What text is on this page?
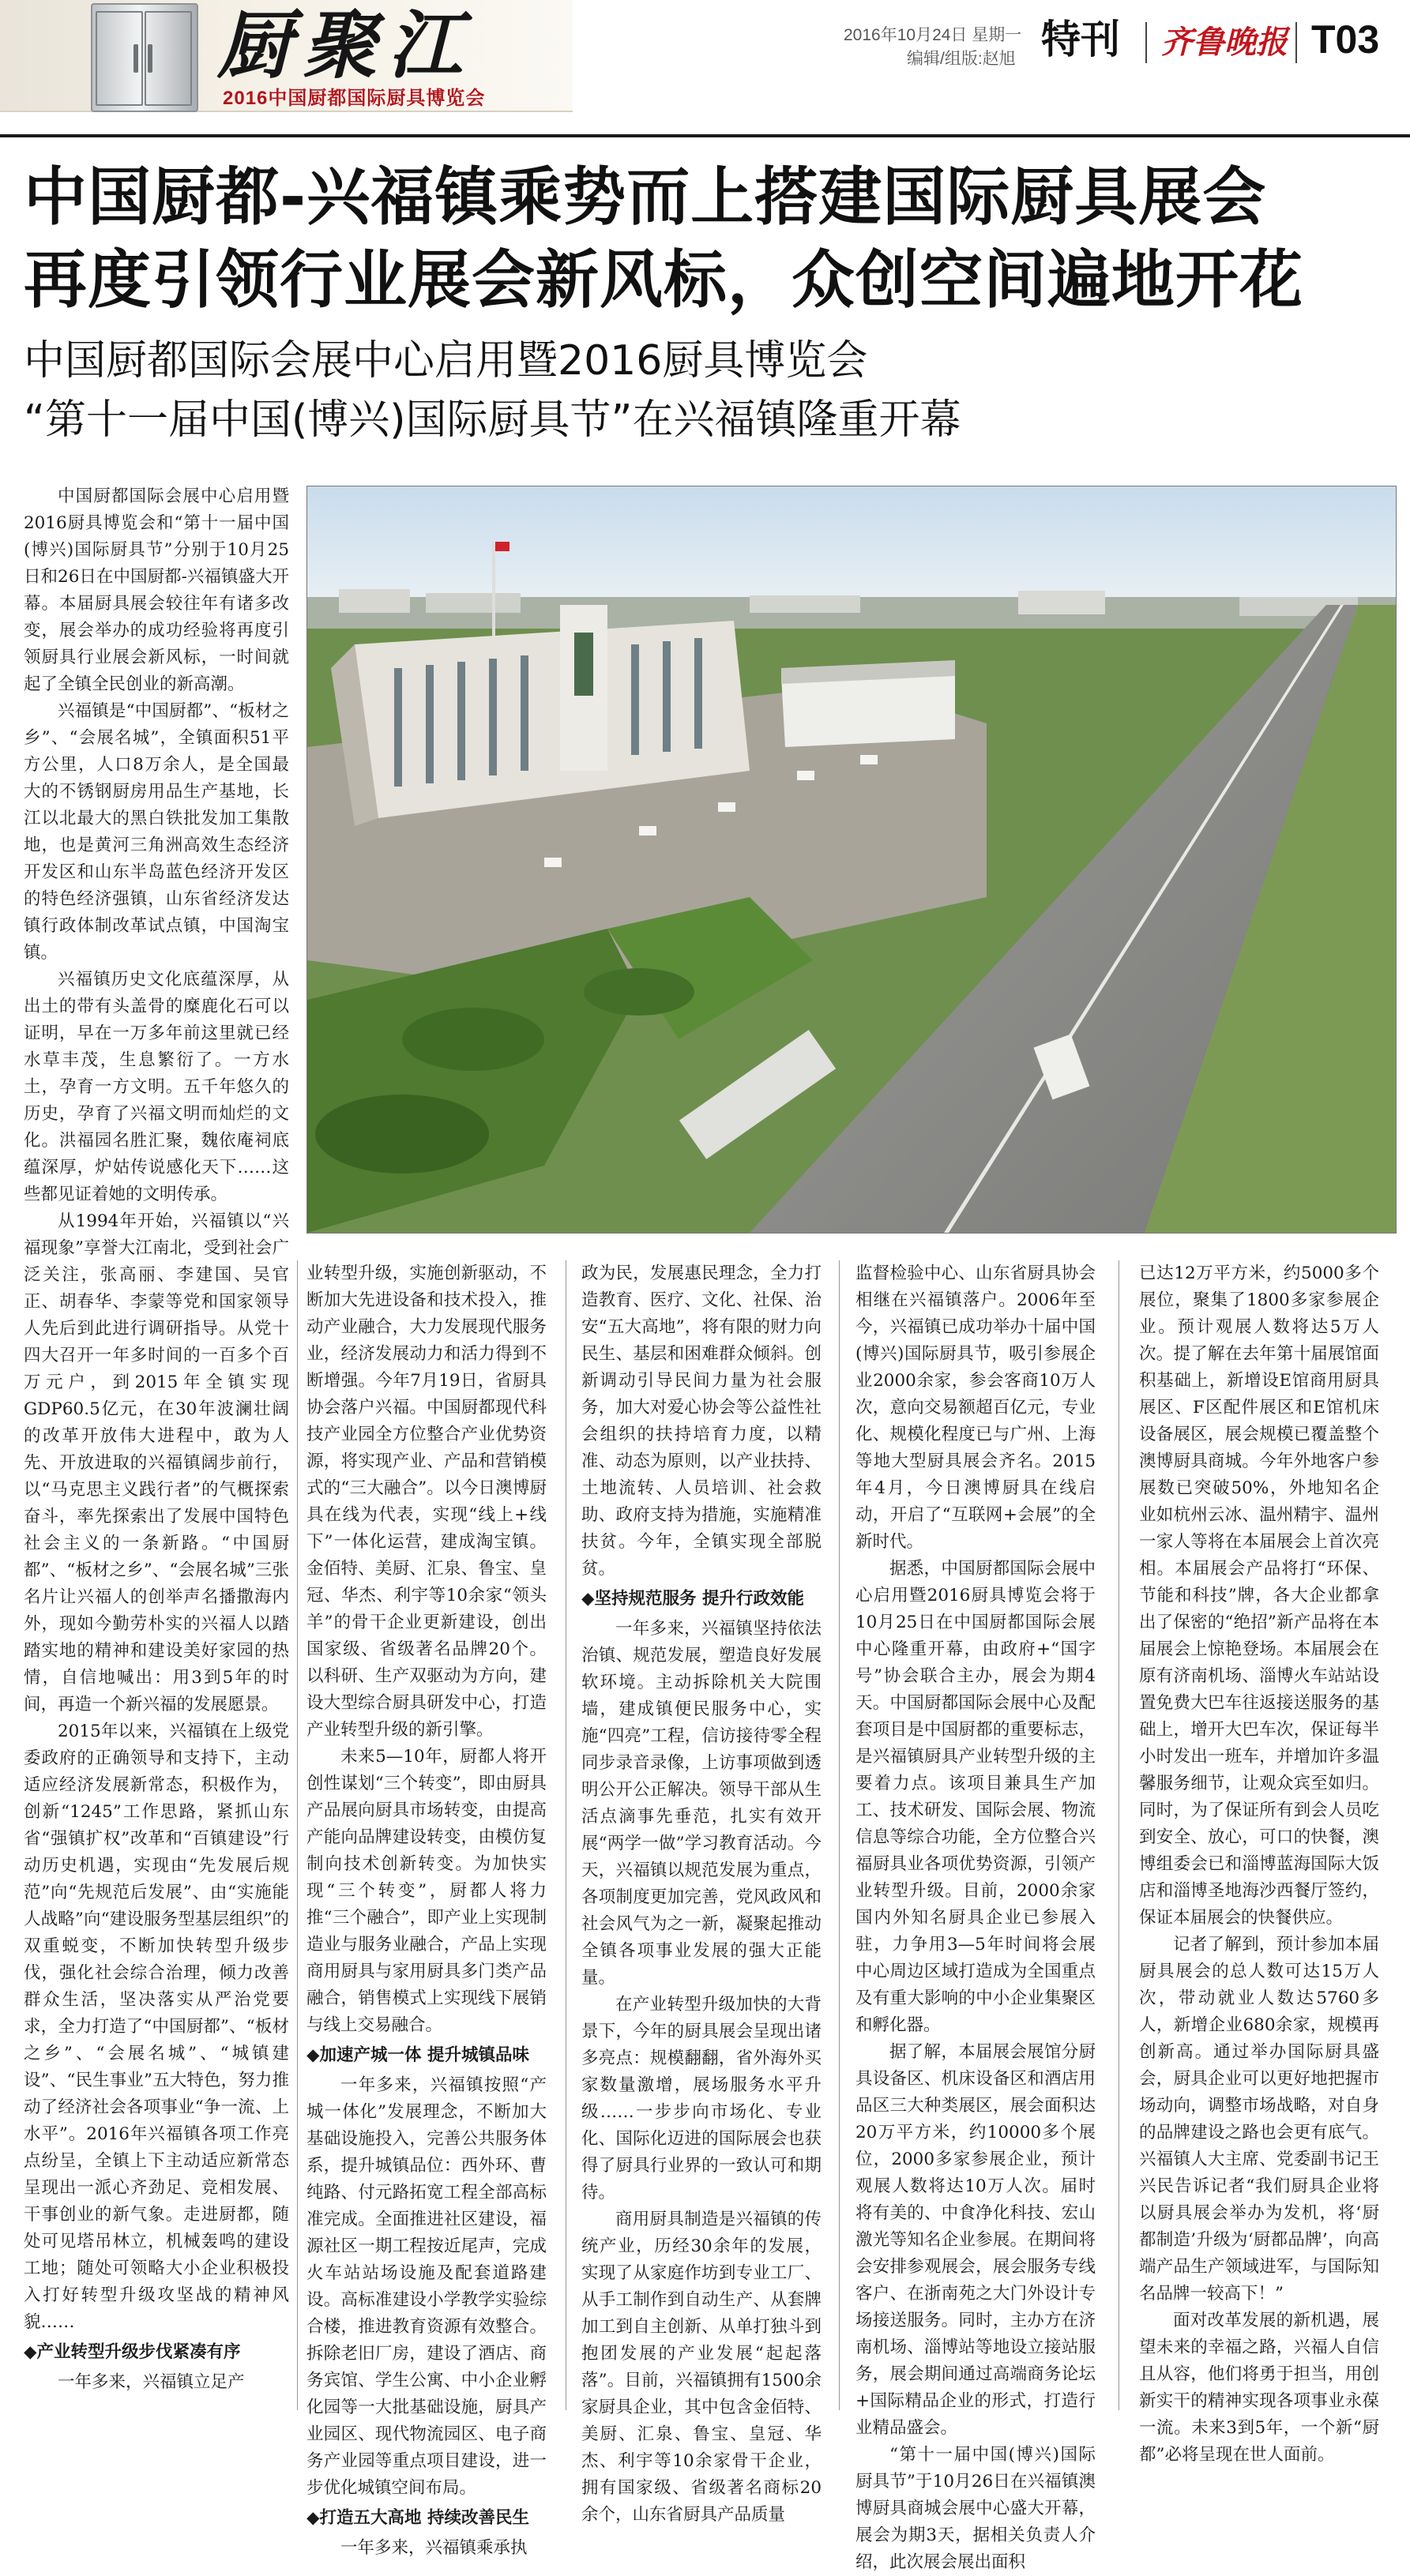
厨聚江
2016中国厨都国际厨具博览会
2016年10月24日 星期一
编辑/组版:赵旭 特刊 齐鲁晚报 T03
中国厨都-兴福镇乘势而上搭建国际厨具展会
再度引领行业展会新风标，众创空间遍地开花
中国厨都国际会展中心启用暨2016厨具博览会
“第十一届中国(博兴)国际厨具节”在兴福镇隆重开幕

中国厨都国际会展中心启用暨2016厨具博览会和“第十一届中国(博兴)国际厨具节”分别于10月25日和26日在中国厨都-兴福镇盛大开幕。本届厨具展会较往年有诸多改变，展会举办的成功经验将再度引领厨具行业展会新风标，一时间就起了全镇全民创业的新高潮。

兴福镇是“中国厨都”、“板材之乡”、“会展名城”，全镇面积51平方公里，人口8万余人，是全国最大的不锈钢厨房用品生产基地，长江以北最大的黑白铁批发加工集散地，也是黄河三角洲高效生态经济开发区和山东半岛蓝色经济开发区的特色经济强镇，山东省经济发达镇行政体制改革试点镇，中国淘宝镇。

兴福镇历史文化底蕴深厚，从出土的带有头盖骨的糜鹿化石可以证明，早在一万多年前这里就已经水草丰茂，生息繁衍了。一方水土，孕育一方文明。五千年悠久的历史，孕育了兴福文明而灿烂的文化。洪福园名胜汇聚，魏依庵祠底蕴深厚，炉姑传说感化天下……这些都见证着她的文明传承。

从1994年开始，兴福镇以“兴福现象”享誉大江南北，受到社会广泛关注，张高丽、李建国、吴官正、胡春华、李蒙等党和国家领导人先后到此进行调研指导。从党十四大召开一年多时间的一百多个百万元户，到2015年全镇实现GDP60.5亿元，在30年波澜壮阔的改革开放伟大进程中，敢为人先、开放进取的兴福镇阔步前行，以“马克思主义践行者”的气概探索奋斗，率先探索出了发展中国特色社会主义的一条新路。“中国厨都”、“板材之乡”、“会展名城”三张名片让兴福人的创举声名播撒海内外，现如今勤劳朴实的兴福人以踏踏实地的精神和建设美好家园的热情，自信地喊出：用3到5年的时间，再造一个新兴福的发展愿景。

2015年以来，兴福镇在上级党委政府的正确领导和支持下，主动适应经济发展新常态，积极作为，创新“1245”工作思路，紧抓山东省“强镇扩权”改革和“百镇建设”行动历史机遇，实现由“先发展后规范”向“先规范后发展”、由“实施能人战略”向“建设服务型基层组织”的双重蜕变，不断加快转型升级步伐，强化社会综合治理，倾力改善群众生活，坚决落实从严治党要求，全力打造了“中国厨都”、“板材之乡”、“会展名城”、“城镇建设”、“民生事业”五大特色，努力推动了经济社会各项事业“争一流、上水平”。2016年兴福镇各项工作亮点纷呈，全镇上下主动适应新常态呈现出一派心齐劲足、竞相发展、干事创业的新气象。走进厨都，随处可见塔吊林立，机械轰鸣的建设工地；随处可领略大小企业积极投入打好转型升级攻坚战的精神风貌……

◆产业转型升级步伐紧凑有序

一年多来，兴福镇立足产

业转型升级，实施创新驱动，不断加大先进设备和技术投入，推动产业融合，大力发展现代服务业，经济发展动力和活力得到不断增强。今年7月19日，省厨具协会落户兴福。中国厨都现代科技产业园全方位整合产业优势资源，将实现产业、产品和营销模式的“三大融合”。以今日澳博厨具在线为代表，实现“线上+线下”一体化运营，建成淘宝镇。金佰特、美厨、汇泉、鲁宝、皇冠、华杰、利宇等10余家“领头羊”的骨干企业更新建设，创出国家级、省级著名品牌20个。以科研、生产双驱动为方向，建设大型综合厨具研发中心，打造产业转型升级的新引擎。

未来5—10年，厨都人将开创性谋划“三个转变”，即由厨具产品展向厨具市场转变，由提高产能向品牌建设转变，由模仿复制向技术创新转变。为加快实现“三个转变”，厨都人将力推“三个融合”，即产业上实现制造业与服务业融合，产品上实现商用厨具与家用厨具多门类产品融合，销售模式上实现线下展销与线上交易融合。

◆加速产城一体 提升城镇品味

一年多来，兴福镇按照“产城一体化”发展理念，不断加大基础设施投入，完善公共服务体系，提升城镇品位：西外环、曹纯路、付元路拓宽工程全部高标准完成。全面推进社区建设，福源社区一期工程按近尾声，完成火车站站场设施及配套道路建设。高标准建设小学教学实验综合楼，推进教育资源有效整合。拆除老旧厂房，建设了酒店、商务宾馆、学生公寓、中小企业孵化园等一大批基础设施，厨具产业园区、现代物流园区、电子商务产业园等重点项目建设，进一步优化城镇空间布局。

◆打造五大高地 持续改善民生

一年多来，兴福镇乘承执

政为民，发展惠民理念，全力打造教育、医疗、文化、社保、治安“五大高地”，将有限的财力向民生、基层和困难群众倾斜。创新调动引导民间力量为社会服务，加大对爱心协会等公益性社会组织的扶持培育力度，以精准、动态为原则，以产业扶持、土地流转、人员培训、社会救助、政府支持为措施，实施精准扶贫。今年，全镇实现全部脱贫。

◆坚持规范服务 提升行政效能

一年多来，兴福镇坚持依法治镇、规范发展，塑造良好发展软环境。主动拆除机关大院围墙，建成镇便民服务中心，实施“四亮”工程，信访接待零全程同步录音录像，上访事项做到透明公开公正解决。领导干部从生活点滴事先垂范，扎实有效开展“两学一做”学习教育活动。今天，兴福镇以规范发展为重点，各项制度更加完善，党风政风和社会风气为之一新，凝聚起推动全镇各项事业发展的强大正能量。

在产业转型升级加快的大背景下，今年的厨具展会呈现出诸多亮点：规模翻翻，省外海外买家数量激增，展场服务水平升级……一步步向市场化、专业化、国际化迈进的国际展会也获得了厨具行业界的一致认可和期待。

商用厨具制造是兴福镇的传统产业，历经30余年的发展，实现了从家庭作坊到专业工厂、从手工制作到自动生产、从套牌加工到自主创新、从单打独斗到抱团发展的产业发展“起起落落”。目前，兴福镇拥有1500余家厨具企业，其中包含金佰特、美厨、汇泉、鲁宝、皇冠、华杰、利宇等10余家骨干企业，拥有国家级、省级著名商标20余个，山东省厨具产品质量

监督检验中心、山东省厨具协会相继在兴福镇落户。2006年至今，兴福镇已成功举办十届中国(博兴)国际厨具节，吸引参展企业2000余家，参会客商10万人次，意向交易额超百亿元，专业化、规模化程度已与广州、上海等地大型厨具展会齐名。2015年4月，今日澳博厨具在线启动，开启了“互联网+会展”的全新时代。

据悉，中国厨都国际会展中心启用暨2016厨具博览会将于10月25日在中国厨都国际会展中心隆重开幕，由政府+“国字号”协会联合主办，展会为期4天。中国厨都国际会展中心及配套项目是中国厨都的重要标志，是兴福镇厨具产业转型升级的主要着力点。该项目兼具生产加工、技术研发、国际会展、物流信息等综合功能，全方位整合兴福厨具业各项优势资源，引领产业转型升级。目前，2000余家国内外知名厨具企业已参展入驻，力争用3—5年时间将会展中心周边区域打造成为全国重点及有重大影响的中小企业集聚区和孵化器。

据了解，本届展会展馆分厨具设备区、机床设备区和酒店用品区三大种类展区，展会面积达20万平方米，约10000多个展位，2000多家参展企业，预计观展人数将达10万人次。届时将有美的、中食净化科技、宏山激光等知名企业参展。在期间将会安排参观展会，展会服务专线客户、在浙南苑之大门外设计专场接送服务。同时，主办方在济南机场、淄博站等地设立接站服务，展会期间通过高端商务论坛+国际精品企业的形式，打造行业精品盛会。

“第十一届中国(博兴)国际厨具节”于10月26日在兴福镇澳博厨具商城会展中心盛大开幕，展会为期3天，据相关负责人介绍，此次展会展出面积

已达12万平方米，约5000多个展位，聚集了1800多家参展企业。预计观展人数将达5万人次。提了解在去年第十届展馆面积基础上，新增设E馆商用厨具展区、F区配件展区和E馆机床设备展区，展会规模已覆盖整个澳博厨具商城。今年外地客户参展数已突破50%，外地知名企业如杭州云冰、温州精宇、温州一家人等将在本届展会上首次亮相。本届展会产品将打“环保、节能和科技”牌，各大企业都拿出了保密的“绝招”新产品将在本届展会上惊艳登场。本届展会在原有济南机场、淄博火车站站设置免费大巴车往返接送服务的基础上，增开大巴车次，保证每半小时发出一班车，并增加许多温馨服务细节，让观众宾至如归。同时，为了保证所有到会人员吃到安全、放心，可口的快餐，澳博组委会已和淄博蓝海国际大饭店和淄博圣地海沙西餐厅签约，保证本届展会的快餐供应。

记者了解到，预计参加本届厨具展会的总人数可达15万人次，带动就业人数达5760多人，新增企业680余家，规模再创新高。通过举办国际厨具盛会，厨具企业可以更好地把握市场动向，调整市场战略，对自身的品牌建设之路也会更有底气。兴福镇人大主席、党委副书记王兴民告诉记者“我们厨具企业将以厨具展会举办为发机，将‘厨都制造’升级为‘厨都品牌’，向高端产品生产领域进军，与国际知名品牌一较高下！”

面对改革发展的新机遇，展望未来的幸福之路，兴福人自信且从容，他们将勇于担当，用创新实干的精神实现各项事业永葆一流。未来3到5年，一个新“厨都”必将呈现在世人面前。
